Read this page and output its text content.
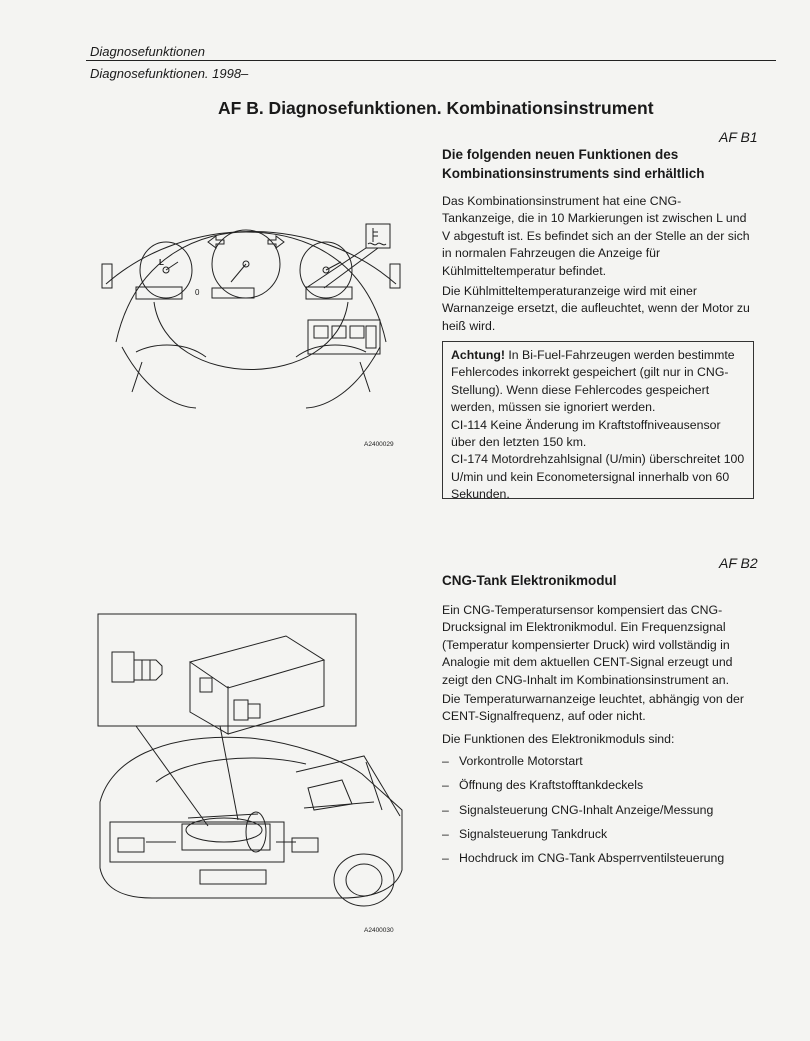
Diagnosefunktionen
Diagnosefunktionen. 1998–
AF B. Diagnosefunktionen. Kombinationsinstrument
AF B1
Die folgenden neuen Funktionen des
Kombinationsinstruments sind erhältlich
Das Kombinationsinstrument hat eine CNG- Tankanzeige, die in 10 Markierungen ist zwischen L und V abgestuft ist. Es befindet sich an der Stelle an der sich in normalen Fahrzeugen die Anzeige für Kühlmitteltemperatur befindet.
Die Kühlmitteltemperaturanzeige wird mit einer Warnanzeige ersetzt, die aufleuchtet, wenn der Motor zu heiß wird.

Achtung! In Bi-Fuel-Fahrzeugen werden bestimmte Fehlercodes inkorrekt gespeichert (gilt nur in CNG-Stellung). Wenn diese Fehlercodes gespeichert werden, müssen sie ignoriert werden.

CI-114 Keine Änderung im Kraftstoffniveausensor über den letzten 150 km.

CI-174 Motordrehzahlsignal (U/min) überschreitet 100 U/min und kein Econometersignal innerhalb von 60 Sekunden.

A2400029
L
0
AF B2
CNG-Tank Elektronikmodul
Ein CNG-Temperatursensor kompensiert das CNG-Drucksignal im Elektronikmodul. Ein Frequenzsignal (Temperatur kompensierter Druck) wird vollständig in Analogie mit dem aktuellen CENT-Signal erzeugt und zeigt den CNG-Inhalt im Kombinationsinstrument an.
Die Temperaturwarnanzeige leuchtet, abhängig von der CENT-Signalfrequenz, auf oder nicht.
Die Funktionen des Elektronikmoduls sind:
– Vorkontrolle Motorstart
– Öffnung des Kraftstofftankdeckels
– Signalsteuerung CNG-Inhalt Anzeige/Messung
– Signalsteuerung Tankdruck
– Hochdruck im CNG-Tank Absperrventilsteuerung
A2400030
